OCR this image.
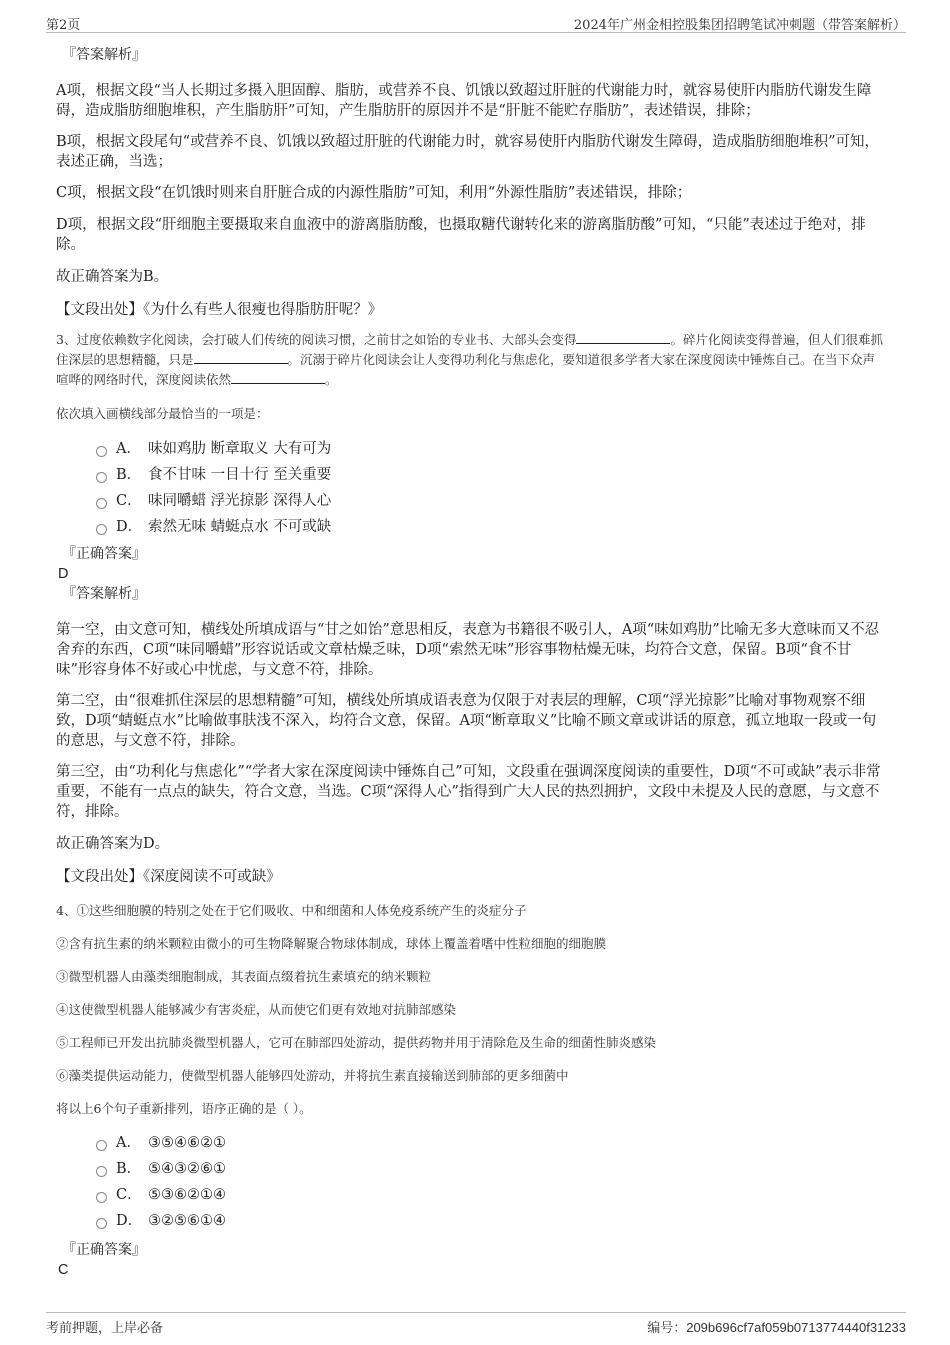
第2页	2024年广州金相控股集团招聘笔试冲刺题（带答案解析）
『答案解析』

A项，根据文段“当人长期过多摄入胆固醇、脂肪，或营养不良、饥饿以致超过肝脏的代谢能力时，就容易使肝内脂肪代谢发生障碍，造成脂肪细胞堆积，产生脂肪肝”可知，产生脂肪肝的原因并不是“肝脏不能贮存脂肪”，表述错误，排除；

B项，根据文段尾句“或营养不良、饥饿以致超过肝脏的代谢能力时，就容易使肝内脂肪代谢发生障碍，造成脂肪细胞堆积”可知，表述正确，当选；

C项，根据文段“在饥饿时则来自肝脏合成的内源性脂肪”可知，利用“外源性脂肪”表述错误，排除；

D项，根据文段“肝细胞主要摄取来自血液中的游离脂肪酸，也摄取糖代谢转化来的游离脂肪酸”可知，“只能”表述过于绝对，排除。

故正确答案为B。

【文段出处】《为什么有些人很瘦也得脂肪肝呢？》

3、过度依赖数字化阅读，会打破人们传统的阅读习惯，之前甘之如饴的专业书、大部头会变得	。碎片化阅读变得普遍，但人们很难抓住深层的思想精髓，只是	。沉溺于碎片化阅读会让人变得功利化与焦虑化，要知道很多学者大家在深度阅读中锤炼自己。在当下众声喧哗的网络时代，深度阅读依然	。

依次填入画横线部分最恰当的一项是：

A． 味如鸡肋 断章取义 大有可为
B． 食不甘味 一目十行 至关重要
C． 味同嚼蜡 浮光掠影 深得人心
D． 索然无味 蜻蜓点水 不可或缺
『正确答案』

D

『答案解析』

第一空，由文意可知，横线处所填成语与“甘之如饴”意思相反，表意为书籍很不吸引人，A项“味如鸡肋”比喻无多大意味而又不忍舍弃的东西，C项“味同嚼蜡”形容说话或文章枯燥乏味，D项“索然无味”形容事物枯燥无味，均符合文意，保留。B项“食不甘味”形容身体不好或心中忧虑，与文意不符，排除。

第二空，由“很难抓住深层的思想精髓”可知，横线处所填成语表意为仅限于对表层的理解，C项“浮光掠影”比喻对事物观察不细致，D项“蜻蜓点水”比喻做事肤浅不深入，均符合文意，保留。A项“断章取义”比喻不顾文章或讲话的原意，孤立地取一段或一句的意思，与文意不符，排除。

第三空，由“功利化与焦虑化”“学者大家在深度阅读中锤炼自己”可知，文段重在强调深度阅读的重要性，D项“不可或缺”表示非常重要，不能有一点点的缺失，符合文意，当选。C项“深得人心”指得到广大人民的热烈拥护，文段中未提及人民的意愿，与文意不符，排除。

故正确答案为D。

【文段出处】《深度阅读不可或缺》

4、①这些细胞膜的特别之处在于它们吸收、中和细菌和人体免疫系统产生的炎症分子

②含有抗生素的纳米颗粒由微小的可生物降解聚合物球体制成，球体上覆盖着嗜中性粒细胞的细胞膜

③微型机器人由藻类细胞制成，其表面点缀着抗生素填充的纳米颗粒

④这使微型机器人能够减少有害炎症，从而使它们更有效地对抗肺部感染

⑤工程师已开发出抗肺炎微型机器人，它可在肺部四处游动，提供药物并用于清除危及生命的细菌性肺炎感染

⑥藻类提供运动能力，使微型机器人能够四处游动，并将抗生素直接输送到肺部的更多细菌中

将以上6个句子重新排列，语序正确的是（ ）。

A． ③⑤④⑥②①
B． ⑤④③②⑥①
C． ⑤③⑥②①④
D． ③②⑤⑥①④
『正确答案』

C

考前押题，上岸必备	编号：209b696cf7af059b0713774440f31233
